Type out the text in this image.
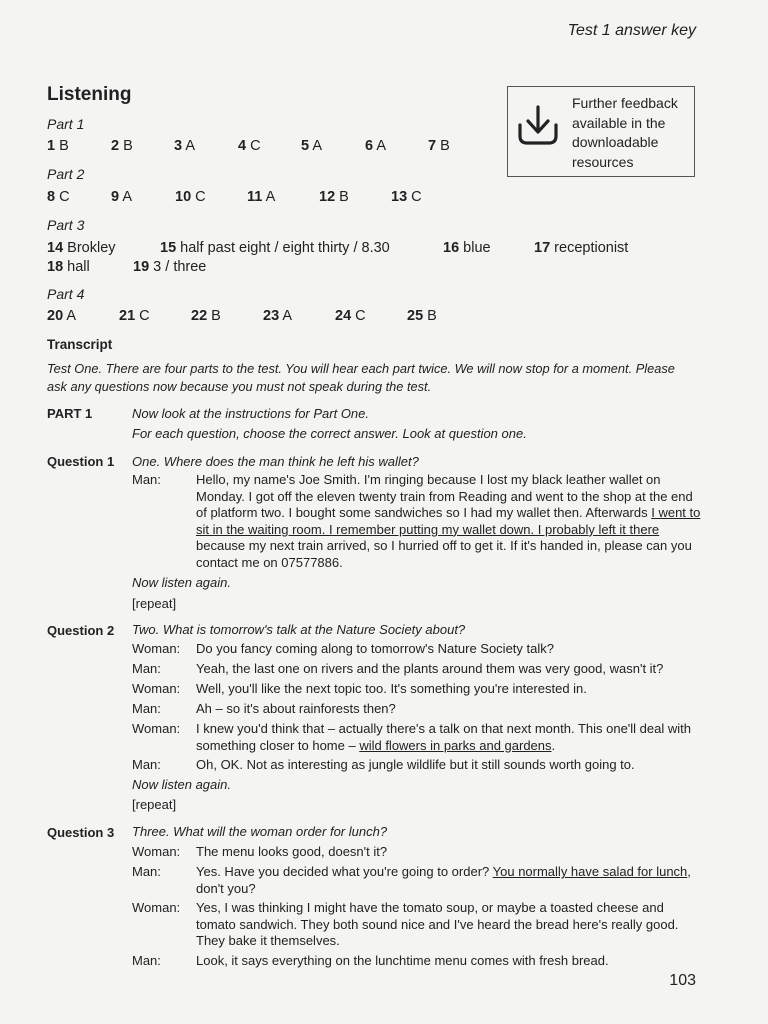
Test 1 answer key
Listening	Further feedback available in the downloadable resources
Part 1
1 B	2 B	3 A	4 C	5 A	6 A	7 B
Part 2
8 C	9 A	10 C	11 A	12 B	13 C
Part 3
14 Brokley	15 half past eight / eight thirty / 8.30	16 blue	17 receptionist
18 hall	19 3 / three
Part 4
20 A	21 C	22 B	23 A	24 C	25 B
Transcript
Test One. There are four parts to the test. You will hear each part twice. We will now stop for a moment. Please ask any questions now because you must not speak during the test.
PART 1	Now look at the instructions for Part One.
For each question, choose the correct answer. Look at question one.
Question 1 One. Where does the man think he left his wallet?
Man:	Hello, my name's Joe Smith. I'm ringing because I lost my black leather wallet on Monday. I got off the eleven twenty train from Reading and went to the shop at the end of platform two. I bought some sandwiches so I had my wallet then. Afterwards I went to sit in the waiting room. I remember putting my wallet down. I probably left it there because my next train arrived, so I hurried off to get it. If it's handed in, please can you contact me on 07577886.
Now listen again.
[repeat]
Question 2 Two. What is tomorrow's talk at the Nature Society about?
Woman: Do you fancy coming along to tomorrow's Nature Society talk?
Man:	Yeah, the last one on rivers and the plants around them was very good, wasn't it?
Woman: Well, you'll like the next topic too. It's something you're interested in.
Man:	Ah – so it's about rainforests then?
Woman: I knew you'd think that – actually there's a talk on that next month. This one'll deal with something closer to home – wild flowers in parks and gardens.
Man:	Oh, OK. Not as interesting as jungle wildlife but it still sounds worth going to.
Now listen again.
[repeat]
Question 3 Three. What will the woman order for lunch?
Woman: The menu looks good, doesn't it?
Man:	Yes. Have you decided what you're going to order? You normally have salad for lunch, don't you?
Woman: Yes, I was thinking I might have the tomato soup, or maybe a toasted cheese and tomato sandwich. They both sound nice and I've heard the bread here's really good. They bake it themselves.
Man:	Look, it says everything on the lunchtime menu comes with fresh bread.
103
